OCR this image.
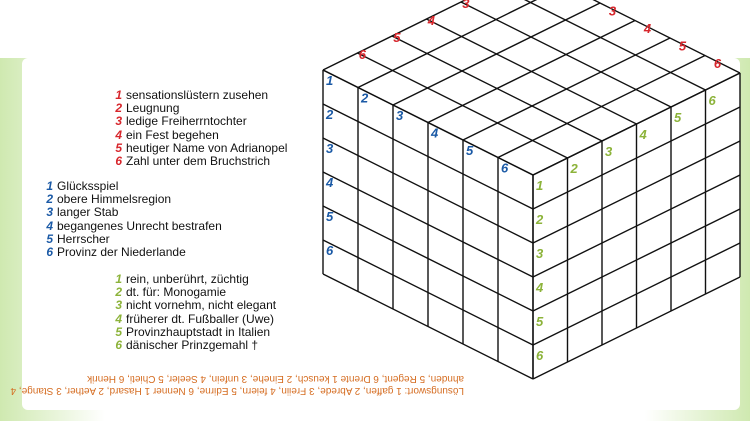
1 sensationslüstern zusehen
2 Leugnung
3 ledige Freiherrntochter
4 ein Fest begehen
5 heutiger Name von Adrianopel
6 Zahl unter dem Bruchstrich
1 Glücksspiel
2 obere Himmelsregion
3 langer Stab
4 begangenes Unrecht bestrafen
5 Herrscher
6 Provinz der Niederlande
1 rein, unberührt, züchtig
2 dt. für: Monogamie
3 nicht vornehm, nicht elegant
4 früherer dt. Fußballer (Uwe)
5 Provinzhauptstadt in Italien
6 dänischer Prinzgemahl †
Lösungswort: 1 gaffen, 2 Abrede, 3 Freiin, 4 feiern, 5 Edirne, 6 Nenner 1 Hasard, 2 Aether, 3 Stange, 4 ahnden, 5 Regent, 6 Drente 1 keusch, 2 Einehe, 3 unfein, 4 Seeler, 5 Chieti, 6 Henrik
6
5
4
3
3
4
5
6
1
2
3
4
5
6
2
3
4
5
6
1
2
3
4
5
6
2
3
4
5
6
